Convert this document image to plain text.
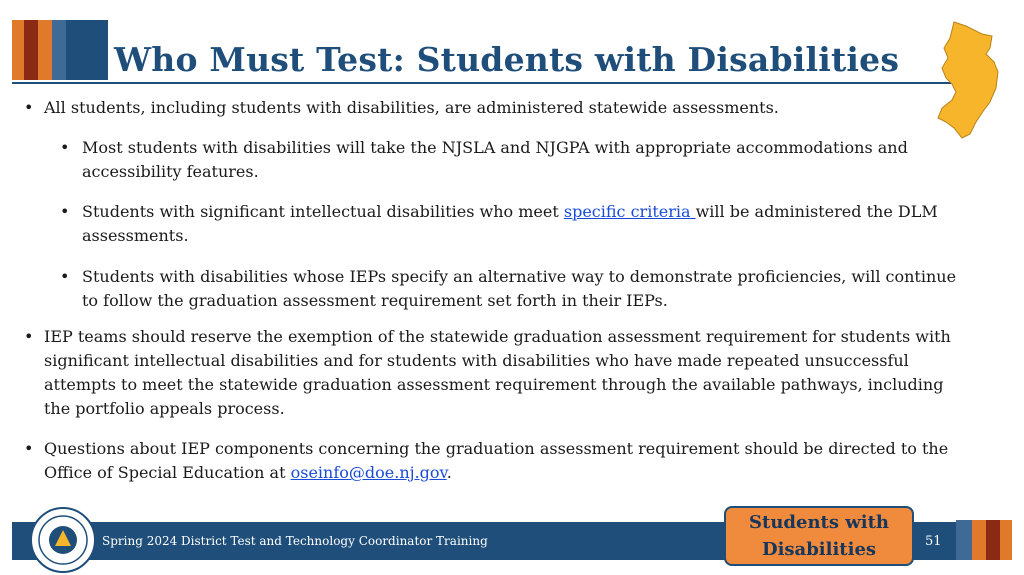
Who Must Test: Students with Disabilities
• All students, including students with disabilities, are administered statewide assessments.
• Most students with disabilities will take the NJSLA and NJGPA with appropriate accommodations and accessibility features.
• Students with significant intellectual disabilities who meet specific criteria will be administered the DLM assessments.
• Students with disabilities whose IEPs specify an alternative way to demonstrate proficiencies, will continue to follow the graduation assessment requirement set forth in their IEPs.
• IEP teams should reserve the exemption of the statewide graduation assessment requirement for students with significant intellectual disabilities and for students with disabilities who have made repeated unsuccessful attempts to meet the statewide graduation assessment requirement through the available pathways, including the portfolio appeals process.
• Questions about IEP components concerning the graduation assessment requirement should be directed to the Office of Special Education at oseinfo@doe.nj.gov.
Spring 2024 District Test and Technology Coordinator Training
Students with Disabilities	51
